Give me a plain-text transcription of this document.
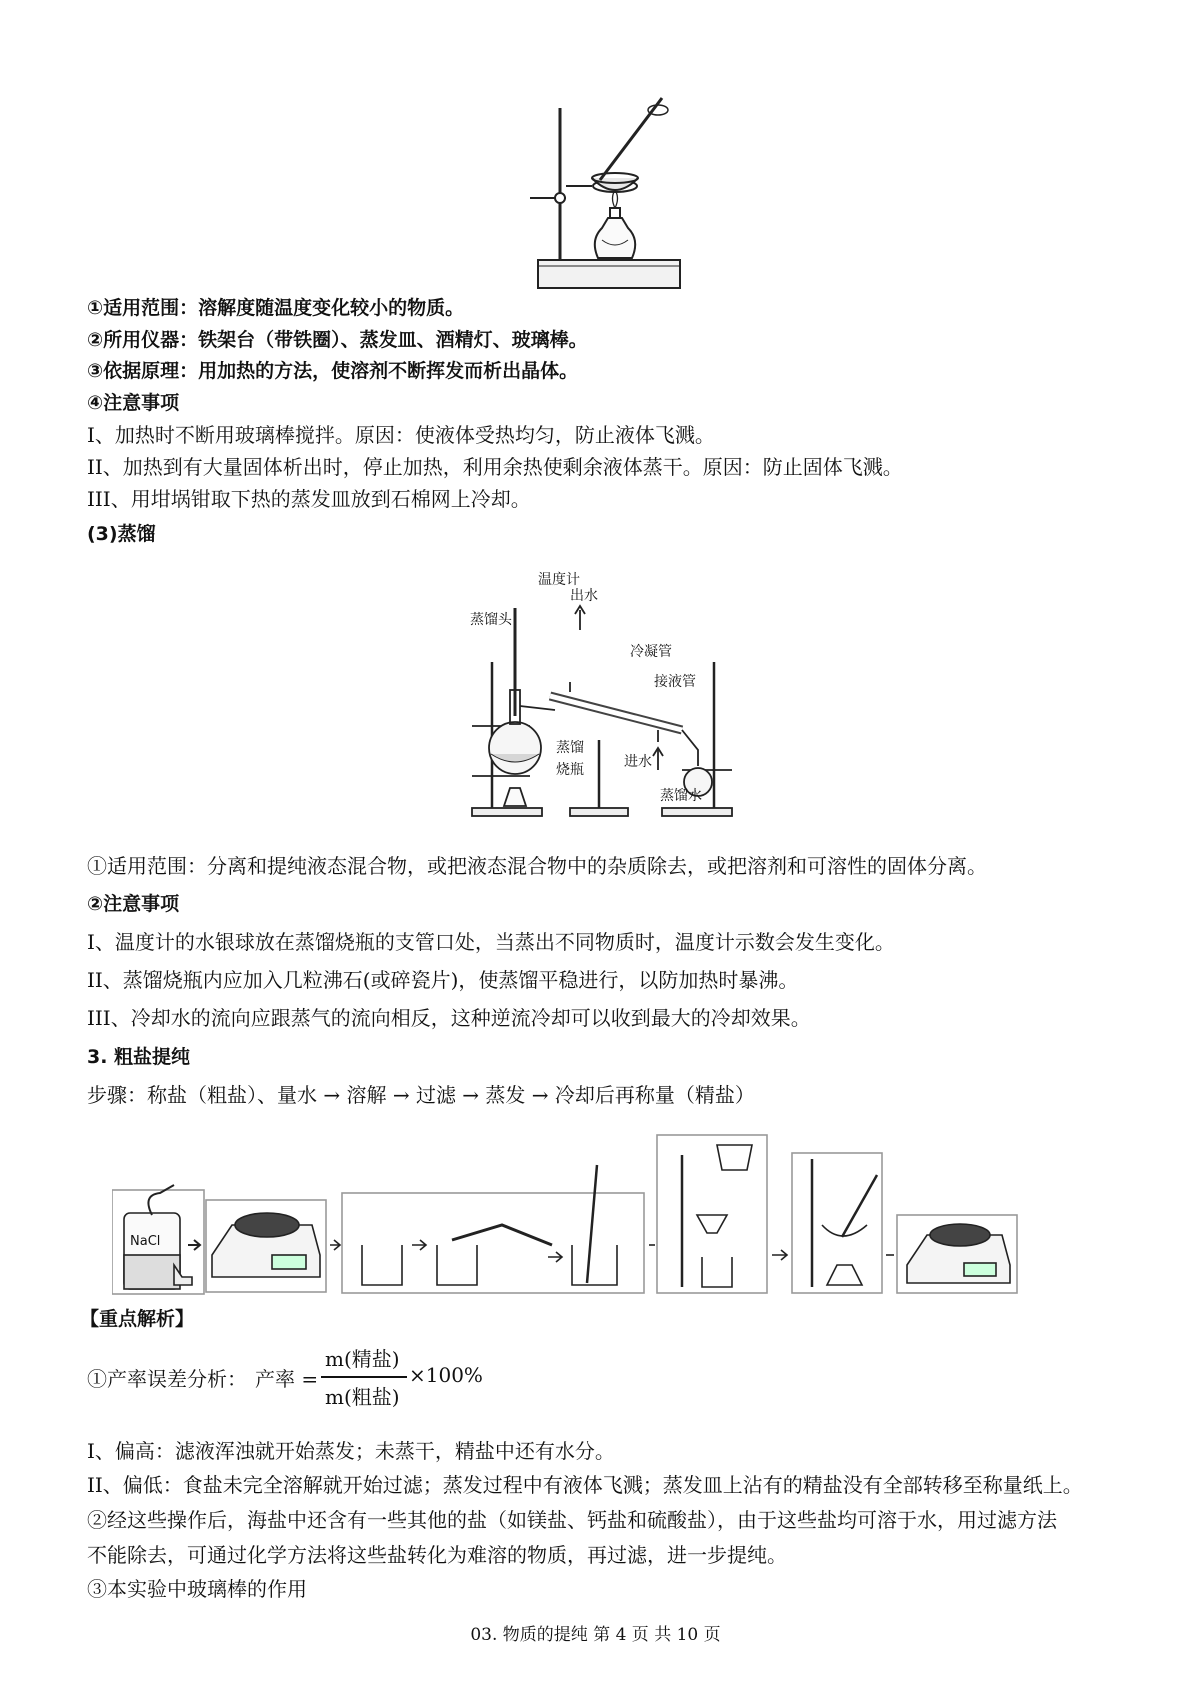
①适用范围：溶解度随温度变化较小的物质。
②所用仪器：铁架台（带铁圈）、蒸发皿、酒精灯、玻璃棒。
③依据原理：用加热的方法，使溶剂不断挥发而析出晶体。
④注意事项
I、加热时不断用玻璃棒搅拌。原因：使液体受热均匀，防止液体飞溅。
II、加热到有大量固体析出时，停止加热，利用余热使剩余液体蒸干。原因：防止固体飞溅。
III、用坩埚钳取下热的蒸发皿放到石棉网上冷却。
(3)蒸馏
温度计
蒸馏头
出水
冷凝管
接液管
蒸馏
烧瓶	进水
蒸馏水
①适用范围：分离和提纯液态混合物，或把液态混合物中的杂质除去，或把溶剂和可溶性的固体分离。
②注意事项
I、温度计的水银球放在蒸馏烧瓶的支管口处，当蒸出不同物质时，温度计示数会发生变化。
II、蒸馏烧瓶内应加入几粒沸石(或碎瓷片)，使蒸馏平稳进行，以防加热时暴沸。
III、冷却水的流向应跟蒸气的流向相反，这种逆流冷却可以收到最大的冷却效果。
3. 粗盐提纯
步骤：称盐（粗盐）、量水 → 溶解 → 过滤 → 蒸发 → 冷却后再称量（精盐）
NaCl
【重点解析】
①产率误差分析： 产率 =
m(精盐)
m(粗盐)
×100%
I、偏高：滤液浑浊就开始蒸发；未蒸干，精盐中还有水分。
II、偏低：食盐未完全溶解就开始过滤；蒸发过程中有液体飞溅；蒸发皿上沾有的精盐没有全部转移至称量纸上。
②经这些操作后，海盐中还含有一些其他的盐（如镁盐、钙盐和硫酸盐），由于这些盐均可溶于水，用过滤方法
不能除去，可通过化学方法将这些盐转化为难溶的物质，再过滤，进一步提纯。
③本实验中玻璃棒的作用
03. 物质的提纯 第 4 页 共 10 页
